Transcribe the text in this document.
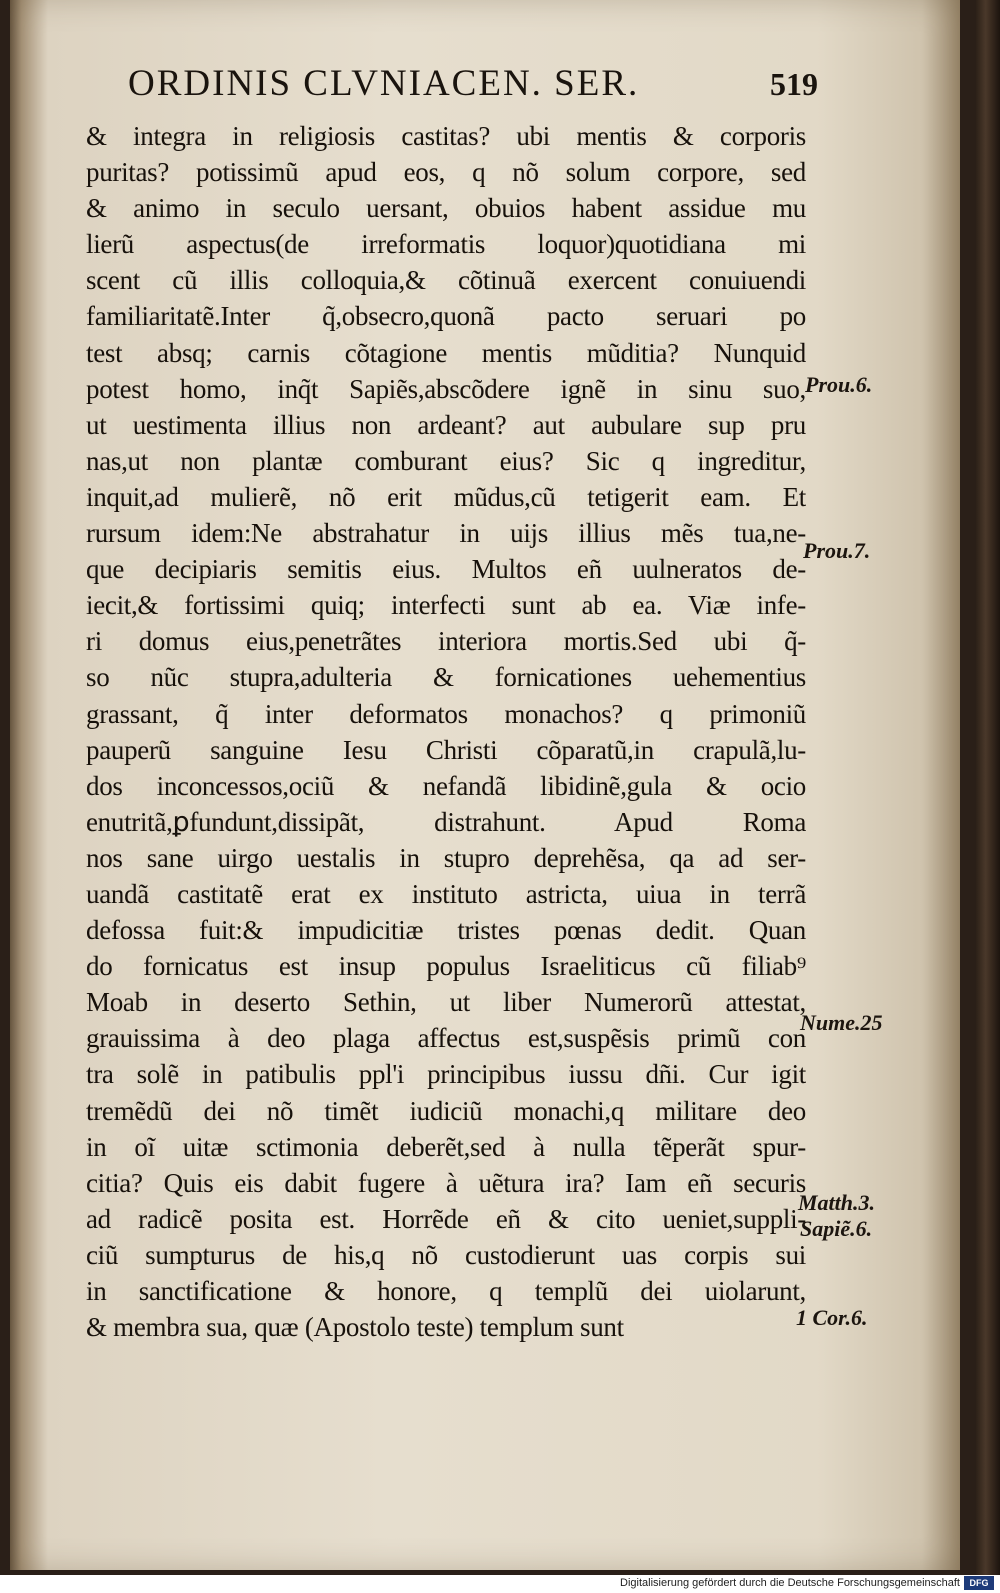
ORDINIS CLVNIACEN. SER.	519
& integra in religiosis castitas? ubi mentis & corporis
puritas? potissimũ apud eos, q nõ solum corpore, sed
& animo in seculo uersant, obuios habent assidue mu
lierũ aspectus(de irreformatis loquor)quotidiana mi
scent cũ illis colloquia,& cõtinuã exercent conuiuendi
familiaritatẽ.Inter q̃,obsecro,quonã pacto seruari po
test absq; carnis cõtagione mentis mũditia? Nunquid
potest homo, inq̃t Sapiẽs,abscõdere ignẽ in sinu suo,
ut uestimenta illius non ardeant? aut aubulare sup pru
nas,ut non plantæ comburant eius? Sic q ingreditur,
inquit,ad mulierẽ, nõ erit mũdus,cũ tetigerit eam. Et
rursum idem:Ne abstrahatur in uijs illius mẽs tua,ne-
que decipiaris semitis eius. Multos eñ uulneratos de-
iecit,& fortissimi quiq; interfecti sunt ab ea. Viæ infe-
ri domus eius,penetrãtes interiora mortis.Sed ubi q̃-
so nũc stupra,adulteria & fornicationes uehementius
grassant, q̃ inter deformatos monachos? q primoniũ
pauperũ sanguine Iesu Christi cõparatũ,in crapulã,lu-
dos inconcessos,ociũ & nefandã libidinẽ,gula & ocio
enutritã,ꝑfundunt,dissipãt, distrahunt. Apud Roma
nos sane uirgo uestalis in stupro deprehẽsa, qa ad ser-
uandã castitatẽ erat ex instituto astricta, uiua in terrã
defossa fuit:& impudicitiæ tristes pœnas dedit. Quan
do fornicatus est insup populus Israeliticus cũ filiab⁹
Moab in deserto Sethin, ut liber Numerorũ attestat,
grauissima à deo plaga affectus est,suspẽsis primũ con
tra solẽ in patibulis ppl'i principibus iussu dñi. Cur igit
tremẽdũ dei nõ timẽt iudiciũ monachi,q militare deo
in oĩ uitæ sctimonia deberẽt,sed à nulla tẽperãt spur-
citia? Quis eis dabit fugere à uẽtura ira? Iam eñ securis
ad radicẽ posita est. Horrẽde eñ & cito ueniet,suppli-
ciũ sumpturus de his,q nõ custodierunt uas corpis sui
in sanctificatione & honore, q templũ dei uiolarunt,
& membra sua, quæ (Apostolo teste) templum sunt
Prou.6.
Prou.7.
Nume.25
Matth.3.
Sapiẽ.6.
1 Cor.6.
Digitalisierung gefördert durch die Deutsche Forschungsgemeinschaft	DFG
